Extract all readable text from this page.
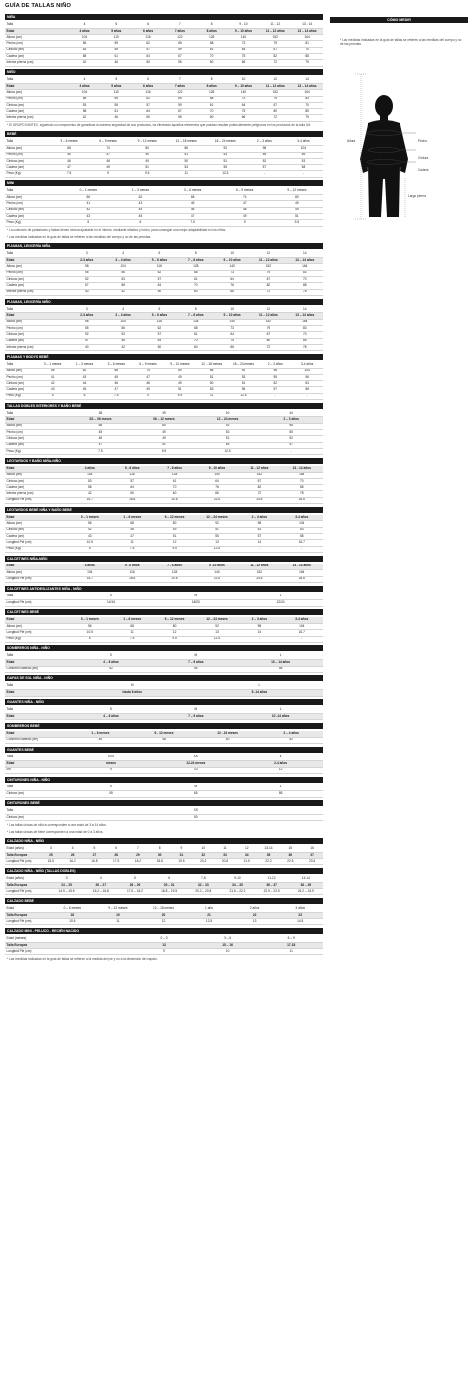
GUÍA DE TALLAS NIÑO
NIÑA
Talla	4	5	6	7	8	9 - 10	11 - 12	13 - 14
Edad	4 años	5 años	6 años	7 años	8 años	9 – 10 años	11 – 12 años	13 – 14 años
Altura (cm)	104	110	116	122	128	140	152	164
Pecho (cm)	56	59	62	65	68	73	79	81
Cintura (cm)	53	55	57	59	61	64	67	70
Cadera (cm)	58	61	64	67	70	75	82	88
Interior pierna (cm)	42	46	50	55	60	66	72	79
NIÑO
Talla	4	5	6	7	8	10	12	14
Edad	4 años	5 años	6 años	7 años	8 años	9 – 10 años	11 – 12 años	13 – 14 años
Altura (cm)	104	110	116	122	128	140	152	164
Pecho (cm)	56	59	62	65	68	73	79	83
Cintura (cm)	53	55	57	59	61	64	67	70
Cadera (cm)	58	61	64	67	70	75	80	85
Interior pierna (cm)	42	46	50	55	60	66	72	79
* El GRUPO INDITEX, siguiendo su compromiso de garantizar la máxima seguridad de sus productos, ha eliminado aquellos elementos que puedan resultar potencialmente peligrosos en los productos de la talla 3/4.
BEBÉ
Talla	3 – 6 meses	6 – 9 meses	9 – 12 meses	12 – 18 meses	18 – 24 meses	2 – 3 años	3-4 años
Altura (cm)	68	74	80	86	92	98	104
Pecho (cm)	45	47	49	51	53	55	56
Cintura (cm)	46	46	49	50	51	52	53
Cadera (cm)	47	49	51	53	55	57	58
Peso (Kg)	7.5	9	9.5	11	12.5	-	-
MINI
Talla	0 – 1 meses	1 – 3 meses	3 – 6 meses	6 – 9 meses	9 – 12 meses
Altura (cm)	56	62	68	74	80
Pecho (cm)	41	43	45	47	49
Cintura (cm)	42	44	46	46	49
Cadera (cm)	43	45	47	49	51
Peso (Kg)	5	6	7.5	9	9.5
* La colección de pantalones y faldas tienen cintura ajustable en el interior, mediante elástico y botón, para conseguir una mejor adaptabilidad en los niños.
* Las medidas indicadas en la guía de tallas se refieren a las medidas del cuerpo y no de las prendas.
PIJAMAS, LENCERÍA NIÑA
Talla	3	4	6	8	10	12	14
Edad	2-3 años	3 – 4 años	5 – 6 años	7 – 8 años	9 – 10 años	11 – 12 años	13 – 14 años
Altura (cm)	98	104	116	128	140	152	164
Pecho (cm)	55	56	62	68	73	79	83
Cintura (cm)	52	53	57	61	64	67	70
Cadera (cm)	57	58	64	70	76	82	88
Interior pierna (cm)	40	42	50	60	66	72	78
PIJAMAS, LENCERÍA NIÑO
Talla	3	4	5	8	10	12	14
Edad	2-3 años	3 – 4 años	5 – 6 años	7 – 8 años	9 – 10 años	11 – 12 años	13 – 14 años
Altura (cm)	98	104	116	128	140	152	164
Pecho (cm)	55	56	62	68	73	79	83
Cintura (cm)	52	53	57	61	64	67	70
Cadera (cm)	57	58	64	70	75	80	85
Interior pierna (cm)	40	42	50	60	66	72	78
PIJAMAS Y BODYS BEBÉ
Talla	0 – 1 meses	1 – 3 meses	3 – 6 meses	6 – 9 meses	9 – 12 meses	12 – 18 meses	18 – 24 meses	2 – 3 años	3-4 años
Altura (cm)	56	62	68	74	80	86	92	98	104
Pecho (cm)	41	43	45	47	49	51	53	55	56
Cintura (cm)	42	44	46	46	49	50	51	52	53
Cadera (cm)	43	45	47	49	51	53	55	57	58
Peso (Kg)	5	6	7.5	9	9.5	11	12.5	-	-
TALLAS DOBLES INTERIORES Y BAÑO BEBÉ
Talla	38	39	40	44
Edad	3/1 – 06 meses	06 – 12 meses	12 – 24 meses	2 – 3 años
Altura (cm)	68	80	92	98
Pecho (cm)	45	49	53	55
Cintura (cm)	46	49	51	52
Cadera (cm)	47	51	55	57
Peso (Kg)	7.5	9.5	12.5	-
LEOTARDOS Y BAÑO NIÑA-NIÑO
Edad	4 años	5 - 6 años	7 - 8 años	9 - 10 años	11 - 12 años	13 - 14 años
Altura (cm)	104	116	128	140	152	164
Cintura (cm)	53	57	61	64	67	70
Cadera (cm)	58	64	70	76	82	88
Interior pierna (cm)	42	50	60	66	72	78
Longitud Pié (cm)	16.7	18.6	20.6	22.6	24.6	26.6
LEOTARDOS BEBÉ NIÑA Y BAÑO BEBÉ
Edad	0 – 1 meses	1 – 6 meses	6 – 12 meses	12 – 24 meses	2 – 3 años	3-4 años
Altura (cm)	56	68	80	92	98	104
Cintura (cm)	42	46	49	51	52	53
Cadera (cm)	43	47	51	55	57	58
Longitud Pié (cm)	10.5	11	12	13	14	16.7
Peso (Kg)	5	7.5	9.5	12.5	-	-
CALCETINES NIÑA-NIÑO
Edad	4 años	5 - 6 años	7 - 8 años	9 -10 años	11 - 12 años	13 - 14 años
Altura (cm)	104	116	128	140	152	164
Longitud Pié (cm)	16.7	18.6	20.6	22.6	24.6	26.6
CALCETINES ANTIDESLIZANTES NIÑA - NIÑO
Talla	S	M	L
Longitud Pié (cm)	14/16	18/20	22/24
CALCETINES BEBÉ
Edad	0 – 1 meses	1 – 6 meses	6 – 12 meses	12 – 24 meses	2 – 3 años	3-4 años
Altura (cm)	56	68	80	92	98	104
Longitud Pié (cm)	10.5	11	12	13	14	16.7
Peso (Kg)	5	7.5	9.5	12.5	-	-
SOMBREROS NIÑA - NIÑO
Talla	S	M	L
Edad	4 – 6 años	7 – 9 años	10 – 14 años
Contorno cabeza (cm)	52	54	56
GAFAS DE SOL NIÑA - NIÑO
Talla	M	L
Edad	hasta 8 años	8 -14 años
GUANTES NIÑA - NIÑO
Talla	S	M	L
Edad	4 – 6 años	7 – 9 años	10 -14 años
SOMBREROS BEBÉ
Edad	1 – 6 meses	6 - 12 meses	12 - 24 meses	2 – 4 años
Contorno cabeza (cm)	45	48	50	52
GUANTES BEBÉ
Talla	XXS	XS	s
Edad	meses	12-24 meses	2-4 años
cm	9	10	12
CINTURONES NIÑA - NIÑO
Talla	S	M	L
Cintura (cm)	55	65	85
CINTURONES BEBÉ
Talla	XS
Cintura (cm)	50
* Las tallas únicas de niño/a corresponden a una edad de 3 a 14 años.
* Las tallas únicas de bebé corresponden a una edad de 0 a 3 años.
CALZADO NIÑA - NIÑO
Edad (años)	3	4	5	6	7	8	9	10	11	12	13-14	15	16
Talla Europea	25	26	27	28	29	30	31	32	33	34	35	36	37
Longitud Pié (cm)	15.5	16.2	16.8	17.5	18.2	18.8	19.5	20.2	20.8	21.5	22.2	22.5	23.5
CALZADO NIÑA - NIÑO (TALLAS DOBLES)
Edad (años)	3	4	5	6	7-8	9-10	11-12	13-14
Talla Europea	24 – 25	26 – 27	28 – 29	30 – 31	32 – 33	34 – 35	36 – 37	38 – 39
Longitud Pié (cm)	14.9 – 15.5	16.2 – 16.8	17.5 – 18.2	18.8 – 19.5	20.2 – 20.8	21.5 – 22.2	22.9 – 23.5	24.2 – 24.9
CALZADO BEBÉ
Edad	0 – 6 meses	9 – 12 meses	12 – 18 meses	1 año	2 años	3 años
Talla Europea	18	19	20	21	22	23
Longitud Pié (cm)	10.5	11	12	12.5	13	14.5
CALZADO MINI - PELUCO - RECIÉN NACIDO
Edad (meses)	0 – 3	3 – 6	6 – 9
Talla Europea	13	15 – 16	17-18
Longitud Pié (cm)	9	10	11
* Las medidas indicadas en la guía de tallas se refieren a la medida del pie y no a la dimensión del zapato.
CÓMO MEDIR
* Las medidas indicadas en la guía de tallas se refieren a las medidas del cuerpo y no de las prendas
Altura	Pecho
Cintura
Cadera
Largo pierna
